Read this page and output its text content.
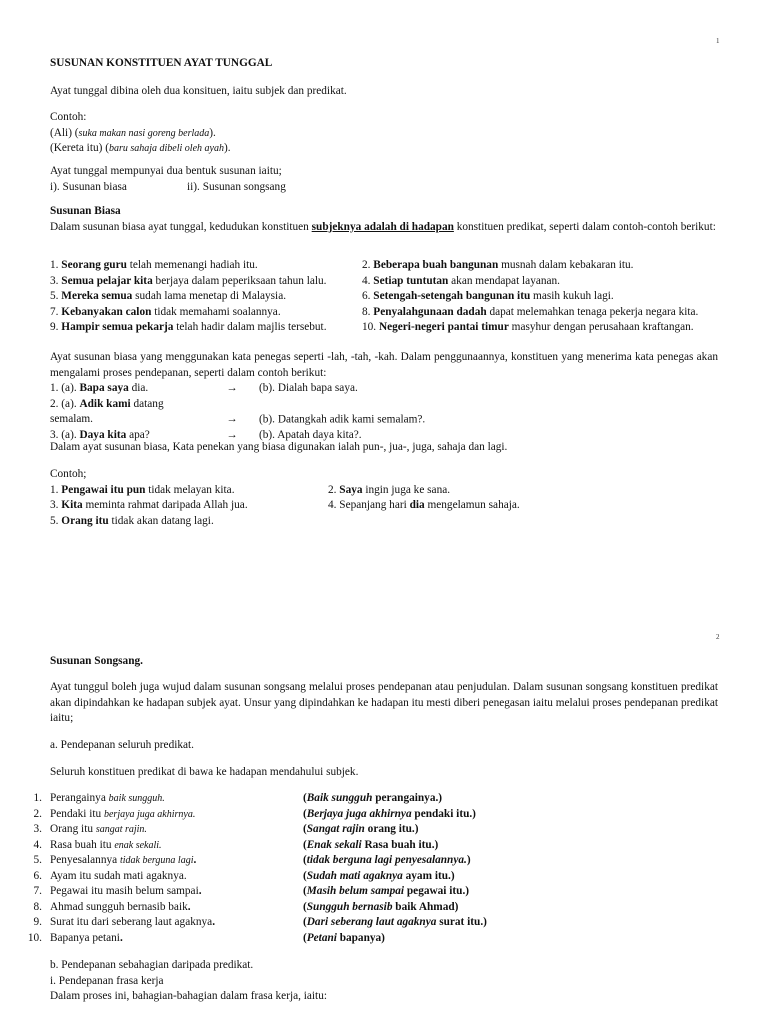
1
SUSUNAN KONSTITUEN AYAT TUNGGAL
Ayat tunggal dibina oleh dua konsituen, iaitu subjek dan predikat.

Contoh:

(Ali) (suka makan nasi goreng berlada).

(Kereta itu) (baru sahaja dibeli oleh ayah).

Ayat tunggal mempunyai dua bentuk susunan iaitu;

i). Susunan biasa	ii). Susunan songsang

Susunan Biasa

Dalam susunan biasa ayat tunggal, kedudukan konstituen subjeknya adalah di hadapan konstituen predikat, seperti dalam contoh-contoh berikut:

1. Seorang guru telah memenangi hadiah itu.	2. Beberapa buah bangunan musnah dalam kebakaran itu.
3. Semua pelajar kita berjaya dalam peperiksaan tahun lalu.	4. Setiap tuntutan akan mendapat layanan.
5. Mereka semua sudah lama menetap di Malaysia.	6. Setengah-setengah bangunan itu masih kukuh lagi.
7. Kebanyakan calon tidak memahami soalannya.	8. Penyalahgunaan dadah dapat melemahkan tenaga pekerja negara kita.
9. Hampir semua pekarja telah hadir dalam majlis tersebut.	10. Negeri-negeri pantai timur masyhur dengan perusahaan kraftangan.
Ayat susunan biasa yang menggunakan kata penegas seperti -lah, -tah, -kah. Dalam penggunaannya, konstituen yang menerima kata penegas akan mengalami proses pendepanan, seperti dalam contoh berikut:
1. (a). Bapa saya dia.	→ (b). Dialah bapa saya.
2. (a). Adik kami datang semalam.	→ (b). Datangkah adik kami semalam?.
3. (a). Daya kita apa?	→ (b). Apatah daya kita?.
Dalam ayat susunan biasa, Kata penekan yang biasa digunakan ialah pun-, jua-, juga, sahaja dan lagi.

Contoh;

1. Pengawai itu pun tidak melayan kita.	2. Saya ingin juga ke sana.
3. Kita meminta rahmat daripada Allah jua.	4. Sepanjang hari dia mengelamun sahaja.
5. Orang itu tidak akan datang lagi.
2
Susunan Songsang.
Ayat tunggul boleh juga wujud dalam susunan songsang melalui proses pendepanan atau penjudulan. Dalam susunan songsang konstituen predikat akan dipindahkan ke hadapan subjek ayat. Unsur yang dipindahkan ke hadapan itu mesti diberi penegasan iaitu melalui proses pendepanan predikat iaitu;
a. Pendepanan seluruh predikat.
Seluruh konstituen predikat di bawa ke hadapan mendahului subjek.
1. Perangainya baik sungguh.	(Baik sungguh perangainya.)
2. Pendaki itu berjaya juga akhirnya.	(Berjaya juga akhirnya pendaki itu.)
3. Orang itu sangat rajin.	(Sangat rajin orang itu.)
4. Rasa buah itu enak sekali.	(Enak sekali Rasa buah itu.)
5. Penyesalannya tidak berguna lagi.	(tidak berguna lagi penyesalannya.)
6. Ayam itu sudah mati agaknya.	(Sudah mati agaknya ayam itu.)
7. Pegawai itu masih belum sampai.	(Masih belum sampai pegawai itu.)
8. Ahmad sungguh bernasib baik.	(Sungguh bernasib baik Ahmad)
9. Surat itu dari seberang laut agaknya.	(Dari seberang laut agaknya surat itu.)
10. Bapanya petani.	(Petani bapanya)

b. Pendepanan sebahagian daripada predikat.

i. Pendepanan frasa kerja

Dalam proses ini, bahagian-bahagian dalam frasa kerja, iaitu:
